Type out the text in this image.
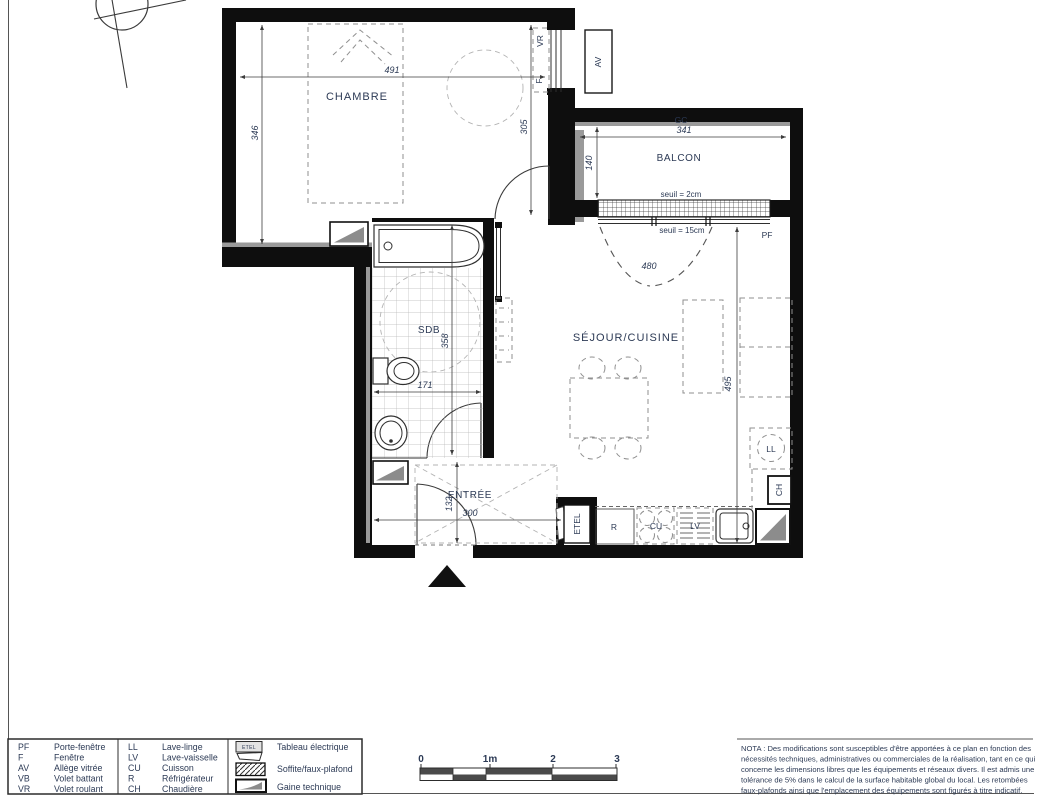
CHAMBRE
BALCON
SDB
SÉJOUR/CUISINE
ENTRÉE
491
346	305	GC
341
140
358
171
480
495
132
300
seuil = 2cm
seuil = 15cm	PF
VR
F
AV
ETEL	R	CU	LV
LL
CH
PF	Porte-fenêtre
F	Fenêtre
AV	Allège vitrée
VB	Volet battant
VR	Volet roulant
LL	Lave-linge
LV	Lave-vaisselle
CU Cuisson
R	Réfrigérateur
CH Chaudière
ETEL Tableau électrique
Soffite/faux-plafond
Gaine technique
0	1m	2	3
NOTA : Des modifications sont susceptibles d'être apportées à ce plan en fonction des
nécessités techniques, administratives ou commerciales de la réalisation, tant en ce qui
concerne les dimensions libres que les équipements et réseaux divers. Il est admis une
tolérance de 5% dans le calcul de la surface habitable global du local. Les retombées
faux-plafonds ainsi que l'emplacement des équipements sont figurés à titre indicatif.
